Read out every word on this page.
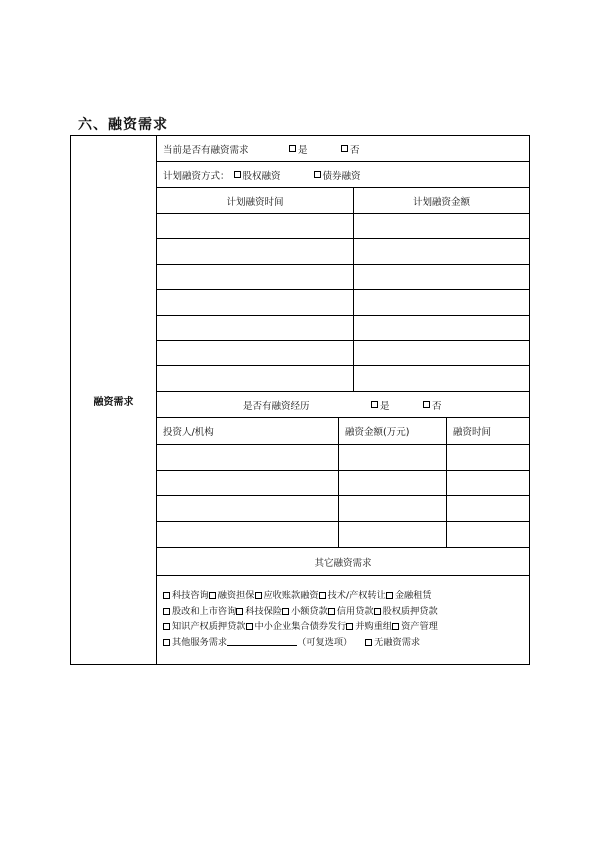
六、融资需求
融资需求
当前是否有融资需求	是	否
计划融资方式： 股权融资	债券融资
计划融资时间	计划融资金额
是否有融资经历	是	否
投资人/机构	融资金额(万元)	融资时间
其它融资需求
科技咨询 融资担保 应收账款融资 技术/产权转让 金融租赁
股改和上市咨询 科技保险 小额贷款 信用贷款 股权质押贷款
知识产权质押贷款 中小企业集合债券发行 并购重组 资产管理
其他服务需求	（可复选项） 无融资需求
